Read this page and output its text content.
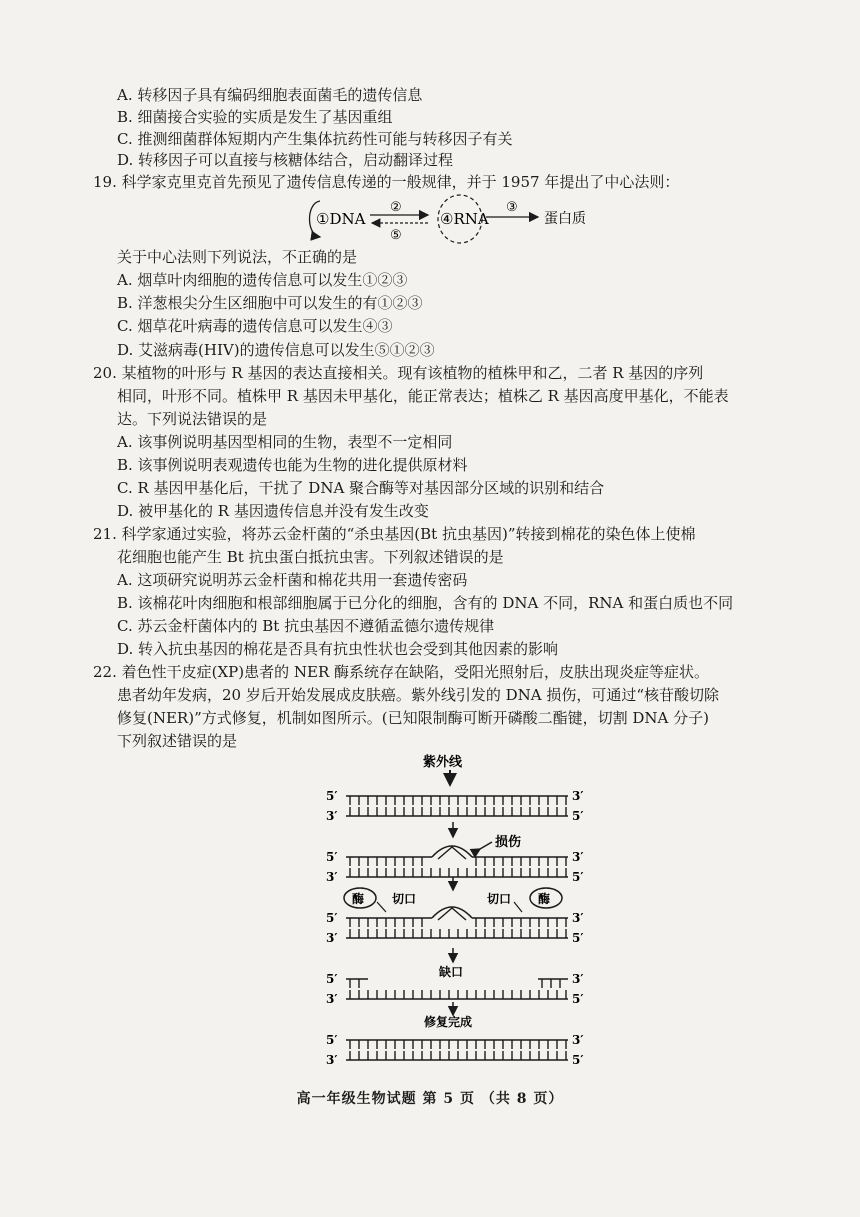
A. 转移因子具有编码细胞表面菌毛的遗传信息
B. 细菌接合实验的实质是发生了基因重组
C. 推测细菌群体短期内产生集体抗药性可能与转移因子有关
D. 转移因子可以直接与核糖体结合，启动翻译过程
19. 科学家克里克首先预见了遗传信息传递的一般规律，并于 1957 年提出了中心法则：
①DNA
②
⑤
④RNA
③
蛋白质
关于中心法则下列说法，不正确的是
A. 烟草叶肉细胞的遗传信息可以发生①②③
B. 洋葱根尖分生区细胞中可以发生的有①②③
C. 烟草花叶病毒的遗传信息可以发生④③
D. 艾滋病毒(HIV)的遗传信息可以发生⑤①②③
20. 某植物的叶形与 R 基因的表达直接相关。现有该植物的植株甲和乙，二者 R 基因的序列
相同，叶形不同。植株甲 R 基因未甲基化，能正常表达；植株乙 R 基因高度甲基化，不能表
达。下列说法错误的是
A. 该事例说明基因型相同的生物，表型不一定相同
B. 该事例说明表观遗传也能为生物的进化提供原材料
C. R 基因甲基化后，干扰了 DNA 聚合酶等对基因部分区域的识别和结合
D. 被甲基化的 R 基因遗传信息并没有发生改变
21. 科学家通过实验，将苏云金杆菌的“杀虫基因(Bt 抗虫基因)”转接到棉花的染色体上使棉
花细胞也能产生 Bt 抗虫蛋白抵抗虫害。下列叙述错误的是
A. 这项研究说明苏云金杆菌和棉花共用一套遗传密码
B. 该棉花叶肉细胞和根部细胞属于已分化的细胞，含有的 DNA 不同，RNA 和蛋白质也不同
C. 苏云金杆菌体内的 Bt 抗虫基因不遵循孟德尔遗传规律
D. 转入抗虫基因的棉花是否具有抗虫性状也会受到其他因素的影响
22. 着色性干皮症(XP)患者的 NER 酶系统存在缺陷，受阳光照射后，皮肤出现炎症等症状。
患者幼年发病，20 岁后开始发展成皮肤癌。紫外线引发的 DNA 损伤，可通过“核苷酸切除
修复(NER)”方式修复，机制如图所示。(已知限制酶可断开磷酸二酯键，切割 DNA 分子)
下列叙述错误的是
5′
3′
3′
5′
5′
3′
3′
5′
5′
3′
3′
5′
5′
3′
3′
5′
5′
3′
3′
5′
紫外线
损伤
酶	酶
切口	切口
缺口
修复完成
高一年级生物试题 第 5 页 （共 8 页）
